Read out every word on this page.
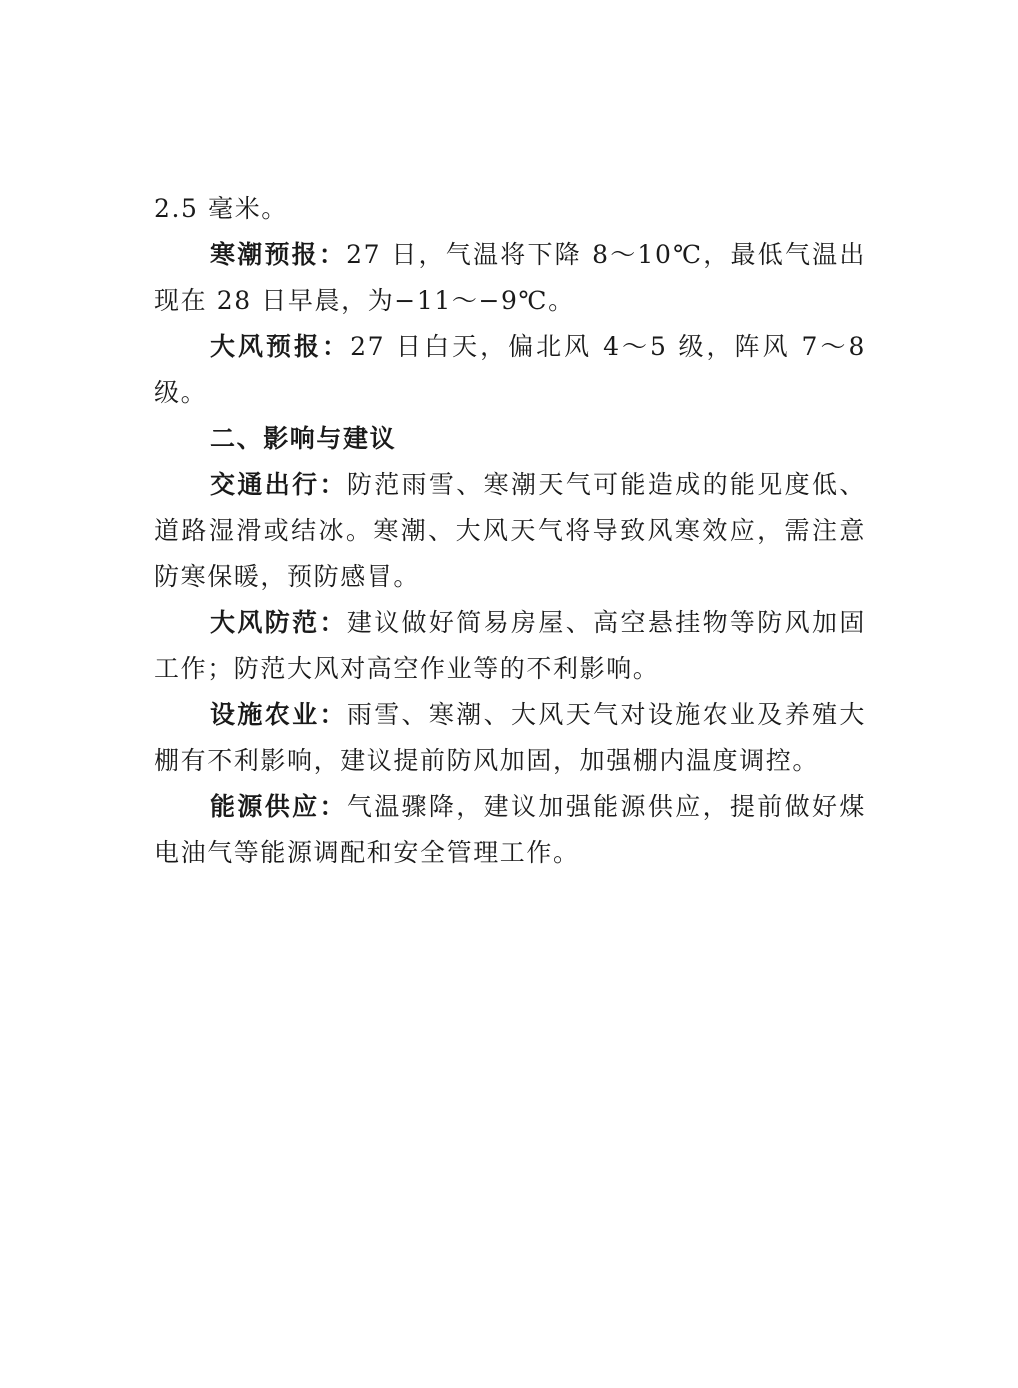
2.5 毫米。

寒潮预报：27 日，气温将下降 8～10℃，最低气温出现在 28 日早晨，为−11～−9℃。

大风预报：27 日白天，偏北风 4～5 级，阵风 7～8 级。

二、影响与建议

交通出行：防范雨雪、寒潮天气可能造成的能见度低、道路湿滑或结冰。寒潮、大风天气将导致风寒效应，需注意防寒保暖，预防感冒。

大风防范：建议做好简易房屋、高空悬挂物等防风加固工作；防范大风对高空作业等的不利影响。

设施农业：雨雪、寒潮、大风天气对设施农业及养殖大棚有不利影响，建议提前防风加固，加强棚内温度调控。

能源供应：气温骤降，建议加强能源供应，提前做好煤电油气等能源调配和安全管理工作。
